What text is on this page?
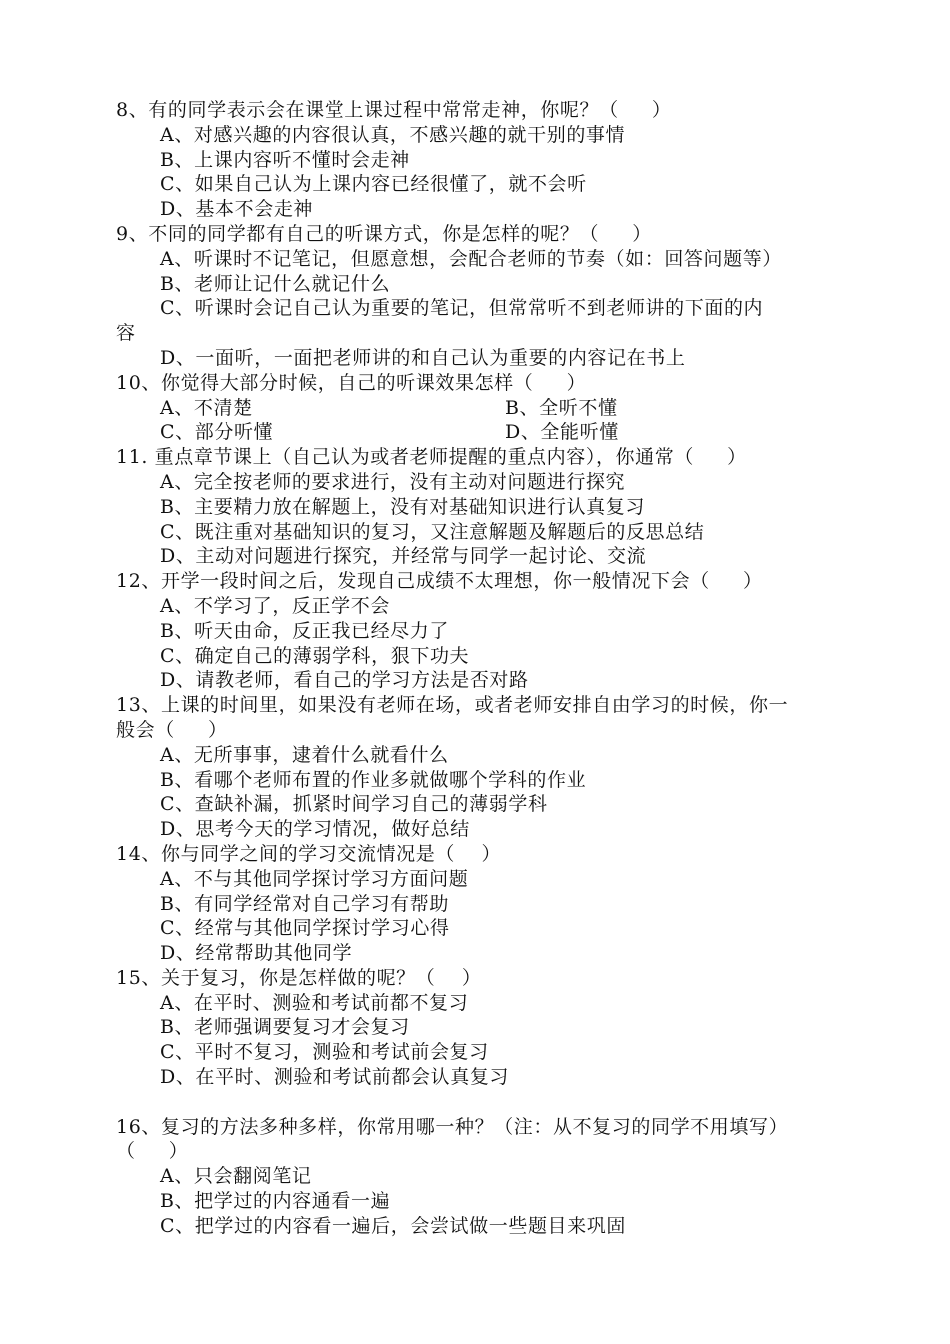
8、有的同学表示会在课堂上课过程中常常走神，你呢？（     ）
A、对感兴趣的内容很认真，不感兴趣的就干别的事情
B、上课内容听不懂时会走神
C、如果自己认为上课内容已经很懂了，就不会听
D、基本不会走神
9、不同的同学都有自己的听课方式，你是怎样的呢？（     ）
A、听课时不记笔记，但愿意想，会配合老师的节奏（如：回答问题等）
B、老师让记什么就记什么
C、听课时会记自己认为重要的笔记，但常常听不到老师讲的下面的内
容
D、一面听，一面把老师讲的和自己认为重要的内容记在书上
10、你觉得大部分时候，自己的听课效果怎样（     ）
A、不清楚	B、全听不懂
C、部分听懂	D、全能听懂
11. 重点章节课上（自己认为或者老师提醒的重点内容），你通常（     ）
A、完全按老师的要求进行，没有主动对问题进行探究
B、主要精力放在解题上，没有对基础知识进行认真复习
C、既注重对基础知识的复习，又注意解题及解题后的反思总结
D、主动对问题进行探究，并经常与同学一起讨论、交流
12、开学一段时间之后，发现自己成绩不太理想，你一般情况下会（     ）
A、不学习了，反正学不会
B、听天由命，反正我已经尽力了
C、确定自己的薄弱学科，狠下功夫
D、请教老师，看自己的学习方法是否对路
13、上课的时间里，如果没有老师在场，或者老师安排自由学习的时候，你一
般会（     ）
A、无所事事，逮着什么就看什么
B、看哪个老师布置的作业多就做哪个学科的作业
C、查缺补漏，抓紧时间学习自己的薄弱学科
D、思考今天的学习情况，做好总结
14、你与同学之间的学习交流情况是（    ）
A、不与其他同学探讨学习方面问题
B、有同学经常对自己学习有帮助
C、经常与其他同学探讨学习心得
D、经常帮助其他同学
15、关于复习，你是怎样做的呢？（    ）
A、在平时、测验和考试前都不复习
B、老师强调要复习才会复习
C、平时不复习，测验和考试前会复习
D、在平时、测验和考试前都会认真复习
16、复习的方法多种多样，你常用哪一种？（注：从不复习的同学不用填写）
（     ）
A、只会翻阅笔记
B、把学过的内容通看一遍
C、把学过的内容看一遍后，会尝试做一些题目来巩固
